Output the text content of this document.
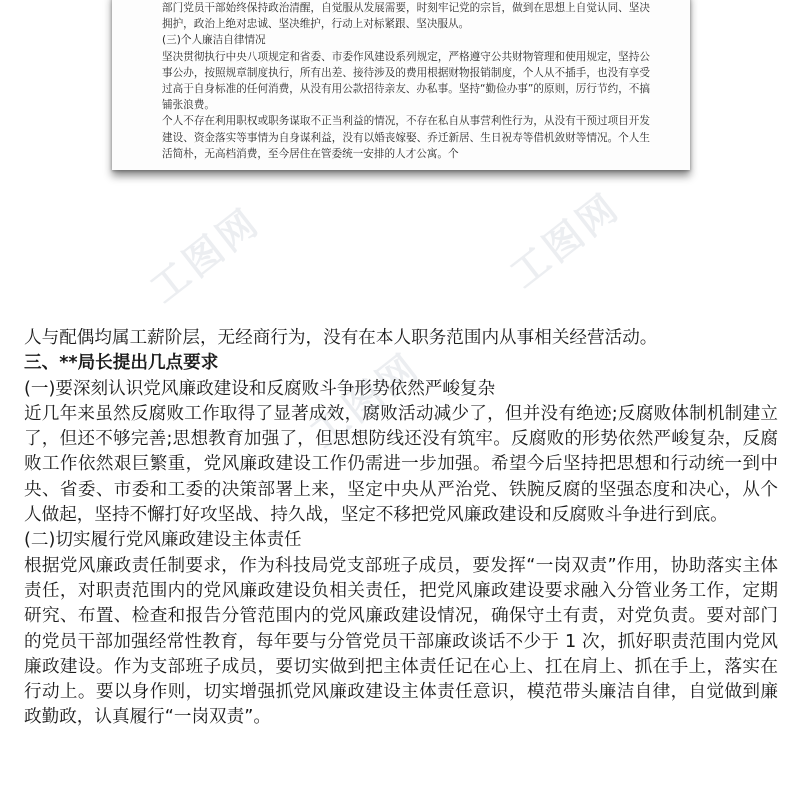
部门党员干部始终保持政治清醒，自觉服从发展需要，时刻牢记党的宗旨，做到在思想上自觉认同、坚决拥护，政治上绝对忠诚、坚决维护，行动上对标紧跟、坚决服从。

(三)个人廉洁自律情况

坚决贯彻执行中央八项规定和省委、市委作风建设系列规定，严格遵守公共财物管理和使用规定，坚持公事公办，按照规章制度执行，所有出差、接待涉及的费用根据财物报销制度，个人从不插手，也没有享受过高于自身标准的任何消费，从没有用公款招待亲友、办私事。坚持“勤俭办事”的原则，厉行节约，不搞铺张浪费。

个人不存在利用职权或职务谋取不正当利益的情况，不存在私自从事营利性行为，从没有干预过项目开发建设、资金落实等事情为自身谋利益，没有以婚丧嫁娶、乔迁新居、生日祝寿等借机敛财等情况。个人生活简朴，无高档消费，至今居住在管委统一安排的人才公寓。个

工图网	工图网
工图网

人与配偶均属工薪阶层，无经商行为，没有在本人职务范围内从事相关经营活动。

三、**局长提出几点要求

(一)要深刻认识党风廉政建设和反腐败斗争形势依然严峻复杂

近几年来虽然反腐败工作取得了显著成效，腐败活动减少了，但并没有绝迹;反腐败体制机制建立了，但还不够完善;思想教育加强了，但思想防线还没有筑牢。反腐败的形势依然严峻复杂，反腐败工作依然艰巨繁重，党风廉政建设工作仍需进一步加强。希望今后坚持把思想和行动统一到中央、省委、市委和工委的决策部署上来，坚定中央从严治党、铁腕反腐的坚强态度和决心，从个人做起，坚持不懈打好攻坚战、持久战，坚定不移把党风廉政建设和反腐败斗争进行到底。

(二)切实履行党风廉政建设主体责任

根据党风廉政责任制要求，作为科技局党支部班子成员，要发挥“一岗双责”作用，协助落实主体责任，对职责范围内的党风廉政建设负相关责任，把党风廉政建设要求融入分管业务工作，定期研究、布置、检查和报告分管范围内的党风廉政建设情况，确保守土有责，对党负责。要对部门的党员干部加强经常性教育，每年要与分管党员干部廉政谈话不少于 1 次，抓好职责范围内党风廉政建设。作为支部班子成员，要切实做到把主体责任记在心上、扛在肩上、抓在手上，落实在行动上。要以身作则，切实增强抓党风廉政建设主体责任意识，模范带头廉洁自律，自觉做到廉政勤政，认真履行“一岗双责”。
